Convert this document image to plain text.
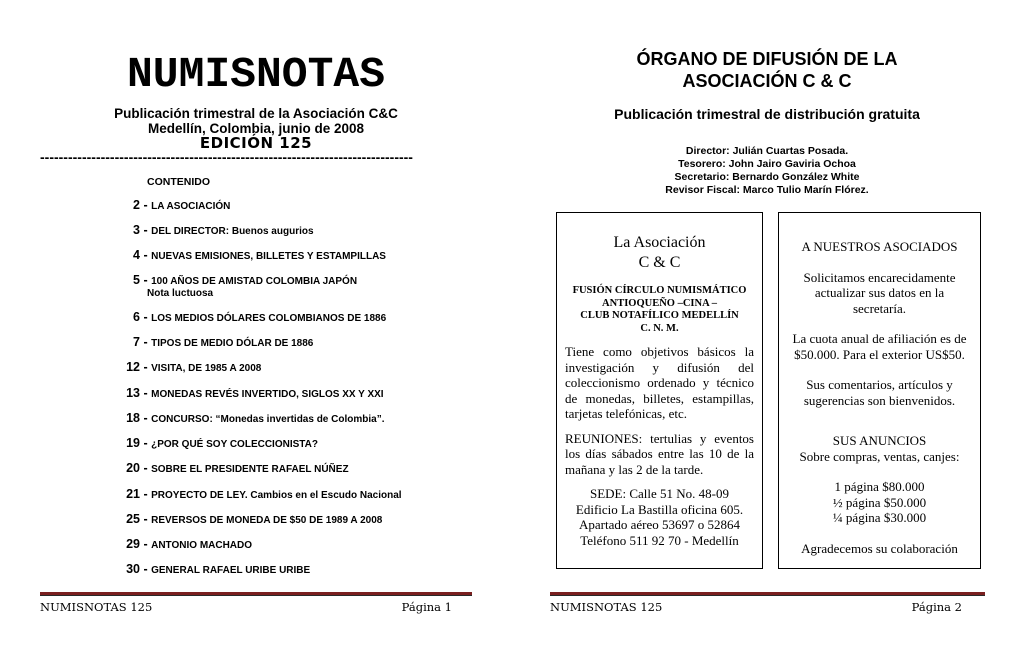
NUMISNOTAS
Publicación trimestral de la Asociación C&C
Medellín, Colombia, junio de 2008
EDICIÓN 125
--------------------------------------------------------------------------------
CONTENIDO
2 - LA ASOCIACIÓN
3 - DEL DIRECTOR: Buenos augurios
4 - NUEVAS EMISIONES, BILLETES Y ESTAMPILLAS
5 - 100 AÑOS DE AMISTAD COLOMBIA JAPÓN
6 - LOS MEDIOS DÓLARES COLOMBIANOS DE 1886
7 - TIPOS DE MEDIO DÓLAR DE 1886
12 - VISITA, DE 1985 A 2008
13 - MONEDAS REVÉS INVERTIDO, SIGLOS XX Y XXI
18 - CONCURSO: “Monedas invertidas de Colombia”.
19 - ¿POR QUÉ SOY COLECCIONISTA?
20 - SOBRE EL PRESIDENTE RAFAEL NÚÑEZ
21 - PROYECTO DE LEY. Cambios en el Escudo Nacional
25 - REVERSOS DE MONEDA DE $50 DE 1989 A 2008
29 - ANTONIO MACHADO
30 - GENERAL RAFAEL URIBE URIBE
Nota luctuosa
NUMISNOTAS 125	Página 1
ÓRGANO DE DIFUSIÓN DE LA
ASOCIACIÓN C & C
Publicación trimestral de distribución gratuita
Director: Julián Cuartas Posada.
Tesorero: John Jairo Gaviria Ochoa
Secretario: Bernardo González White
Revisor Fiscal: Marco Tulio Marín Flórez.
La Asociación
C & C
FUSIÓN CÍRCULO NUMISMÁTICO
ANTIOQUEÑO –CINA –
CLUB NOTAFÍLICO MEDELLÍN
C. N. M.
Tiene como objetivos básicos la investigación y difusión del coleccionismo ordenado y técnico de monedas, billetes, estampillas, tarjetas telefónicas, etc.
REUNIONES: tertulias y eventos los días sábados entre las 10 de la mañana y las 2 de la tarde.
SEDE: Calle 51 No. 48-09
Edificio La Bastilla oficina 605.
Apartado aéreo 53697 o 52864
Teléfono 511 92 70 - Medellín

A NUESTROS ASOCIADOS

Solicitamos encarecidamente actualizar sus datos en la secretaría.

La cuota anual de afiliación es de $50.000. Para el exterior US$50.

Sus comentarios, artículos y sugerencias son bienvenidos.

SUS ANUNCIOS

Sobre compras, ventas, canjes:

1 página $80.000

½ página $50.000

¼ página $30.000

Agradecemos su colaboración

NUMISNOTAS 125	Página 2
